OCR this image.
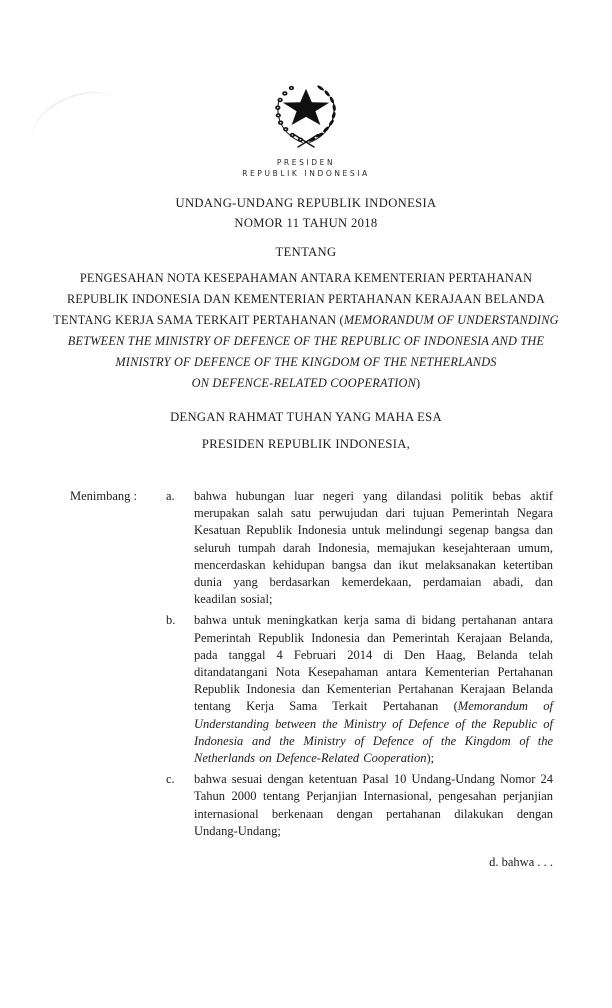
PRESIDEN
REPUBLIK INDONESIA
UNDANG-UNDANG REPUBLIK INDONESIA
NOMOR 11 TAHUN 2018
TENTANG
PENGESAHAN NOTA KESEPAHAMAN ANTARA KEMENTERIAN PERTAHANAN
REPUBLIK INDONESIA DAN KEMENTERIAN PERTAHANAN KERAJAAN BELANDA
TENTANG KERJA SAMA TERKAIT PERTAHANAN (MEMORANDUM OF UNDERSTANDING
BETWEEN THE MINISTRY OF DEFENCE OF THE REPUBLIC OF INDONESIA AND THE
MINISTRY OF DEFENCE OF THE KINGDOM OF THE NETHERLANDS
ON DEFENCE-RELATED COOPERATION)
DENGAN RAHMAT TUHAN YANG MAHA ESA
PRESIDEN REPUBLIK INDONESIA,
Menimbang :	a.	bahwa hubungan luar negeri yang dilandasi politik bebas aktif merupakan salah satu perwujudan dari tujuan Pemerintah Negara Kesatuan Republik Indonesia untuk melindungi segenap bangsa dan seluruh tumpah darah Indonesia, memajukan kesejahteraan umum, mencerdaskan kehidupan bangsa dan ikut melaksanakan ketertiban dunia yang berdasarkan kemerdekaan, perdamaian abadi, dan keadilan sosial;

b.	bahwa untuk meningkatkan kerja sama di bidang pertahanan antara Pemerintah Republik Indonesia dan Pemerintah Kerajaan Belanda, pada tanggal 4 Februari 2014 di Den Haag, Belanda telah ditandatangani Nota Kesepahaman antara Kementerian Pertahanan Republik Indonesia dan Kementerian Pertahanan Kerajaan Belanda tentang Kerja Sama Terkait Pertahanan (Memorandum of Understanding between the Ministry of Defence of the Republic of Indonesia and the Ministry of Defence of the Kingdom of the Netherlands on Defence-Related Cooperation);

c.	bahwa sesuai dengan ketentuan Pasal 10 Undang-Undang Nomor 24 Tahun 2000 tentang Perjanjian Internasional, pengesahan perjanjian internasional berkenaan dengan pertahanan dilakukan dengan Undang-Undang;

d. bahwa . . .
